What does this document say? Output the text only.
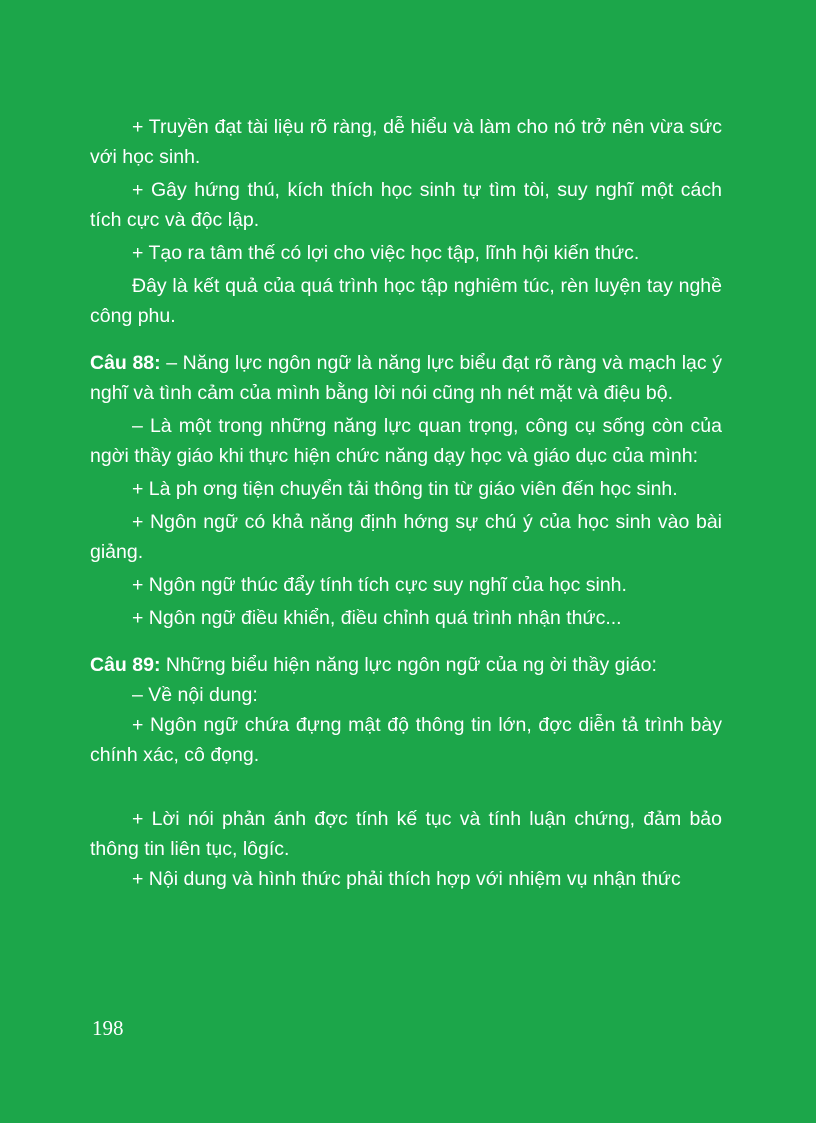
+ Truyền đạt tài liệu rõ ràng, dễ hiểu và làm cho nó trở nên vừa sức với học sinh.

+ Gây hứng thú, kích thích học sinh tự tìm tòi, suy nghĩ một cách tích cực và độc lập.

+ Tạo ra tâm thế có lợi cho việc học tập, lĩnh hội kiến thức.

Đây là kết quả của quá trình học tập nghiêm túc, rèn luyện tay nghề công phu.

Câu 88: – Năng lực ngôn ngữ là năng lực biểu đạt rõ ràng và mạch lạc ý nghĩ và tình cảm của mình bằng lời nói cũng nh nét mặt và điệu bộ.

– Là một trong những năng lực quan trọng, công cụ sống còn của ngời thầy giáo khi thực hiện chức năng dạy học và giáo dục của mình:

+ Là ph ơng tiện chuyển tải thông tin từ giáo viên đến học sinh.

+ Ngôn ngữ có khả năng định hớng sự chú ý của học sinh vào bài giảng.

+ Ngôn ngữ thúc đẩy tính tích cực suy nghĩ của học sinh.

+ Ngôn ngữ điều khiển, điều chỉnh quá trình nhận thức...

Câu 89: Những biểu hiện năng lực ngôn ngữ của ng ời thầy giáo:

– Về nội dung:

+ Ngôn ngữ chứa đựng mật độ thông tin lớn, đợc diễn tả trình bày chính xác, cô đọng.

+ Lời nói phản ánh đợc tính kế tục và tính luận chứng, đảm bảo thông tin liên tục, lôgíc.

+ Nội dung và hình thức phải thích hợp với nhiệm vụ nhận thức

198
